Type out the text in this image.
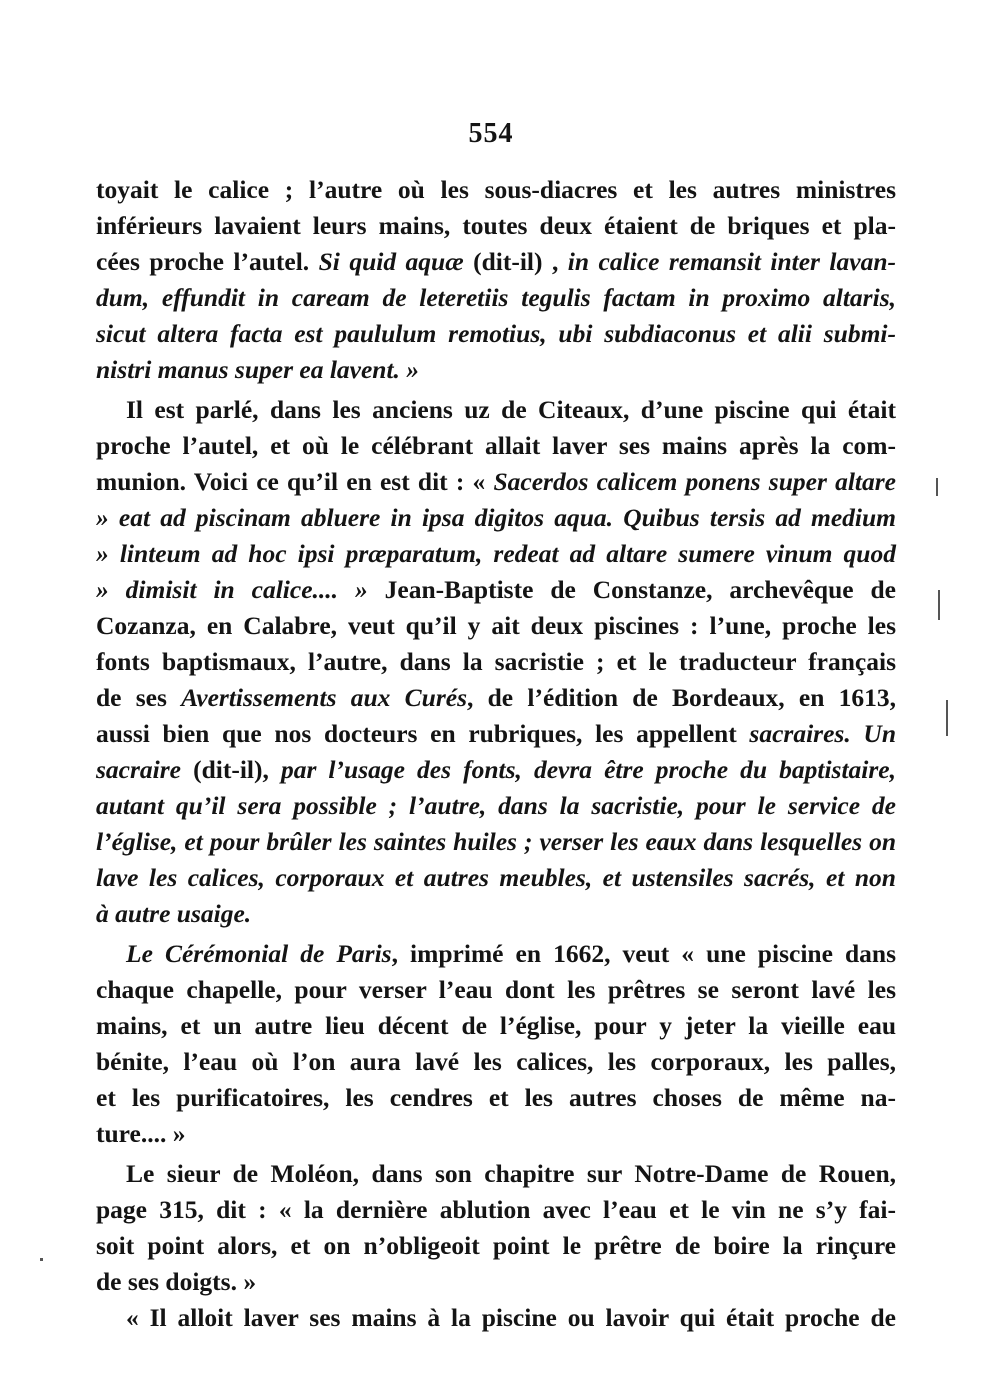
554
toyait le calice ; l’autre où les sous-diacres et les autres ministres
inférieurs lavaient leurs mains, toutes deux étaient de briques et pla-
cées proche l’autel. Si quid aquæ (dit-il) , in calice remansit inter lavan-
dum, effundit in caream de leteretiis tegulis factam in proximo altaris,
sicut altera facta est paululum remotius, ubi subdiaconus et alii submi-
nistri manus super ea lavent. »
Il est parlé, dans les anciens uz de Citeaux, d’une piscine qui était
proche l’autel, et où le célébrant allait laver ses mains après la com-
munion. Voici ce qu’il en est dit : « Sacerdos calicem ponens super altare
» eat ad piscinam abluere in ipsa digitos aqua. Quibus tersis ad medium
» linteum ad hoc ipsi præparatum, redeat ad altare sumere vinum quod
» dimisit in calice.... » Jean-Baptiste de Constanze, archevêque de
Cozanza, en Calabre, veut qu’il y ait deux piscines : l’une, proche les
fonts baptismaux, l’autre, dans la sacristie ; et le traducteur français
de ses Avertissements aux Curés, de l’édition de Bordeaux, en 1613,
aussi bien que nos docteurs en rubriques, les appellent sacraires. Un
sacraire (dit-il), par l’usage des fonts, devra être proche du baptistaire,
autant qu’il sera possible ; l’autre, dans la sacristie, pour le service de
l’église, et pour brûler les saintes huiles ; verser les eaux dans lesquelles on
lave les calices, corporaux et autres meubles, et ustensiles sacrés, et non
à autre usaige.
Le Cérémonial de Paris, imprimé en 1662, veut « une piscine dans
chaque chapelle, pour verser l’eau dont les prêtres se seront lavé les
mains, et un autre lieu décent de l’église, pour y jeter la vieille eau
bénite, l’eau où l’on aura lavé les calices, les corporaux, les palles,
et les purificatoires, les cendres et les autres choses de même na-
ture.... »
Le sieur de Moléon, dans son chapitre sur Notre-Dame de Rouen,
page 315, dit : « la dernière ablution avec l’eau et le vin ne s’y fai-
soit point alors, et on n’obligeoit point le prêtre de boire la rinçure
de ses doigts. »
« Il alloit laver ses mains à la piscine ou lavoir qui était proche de
